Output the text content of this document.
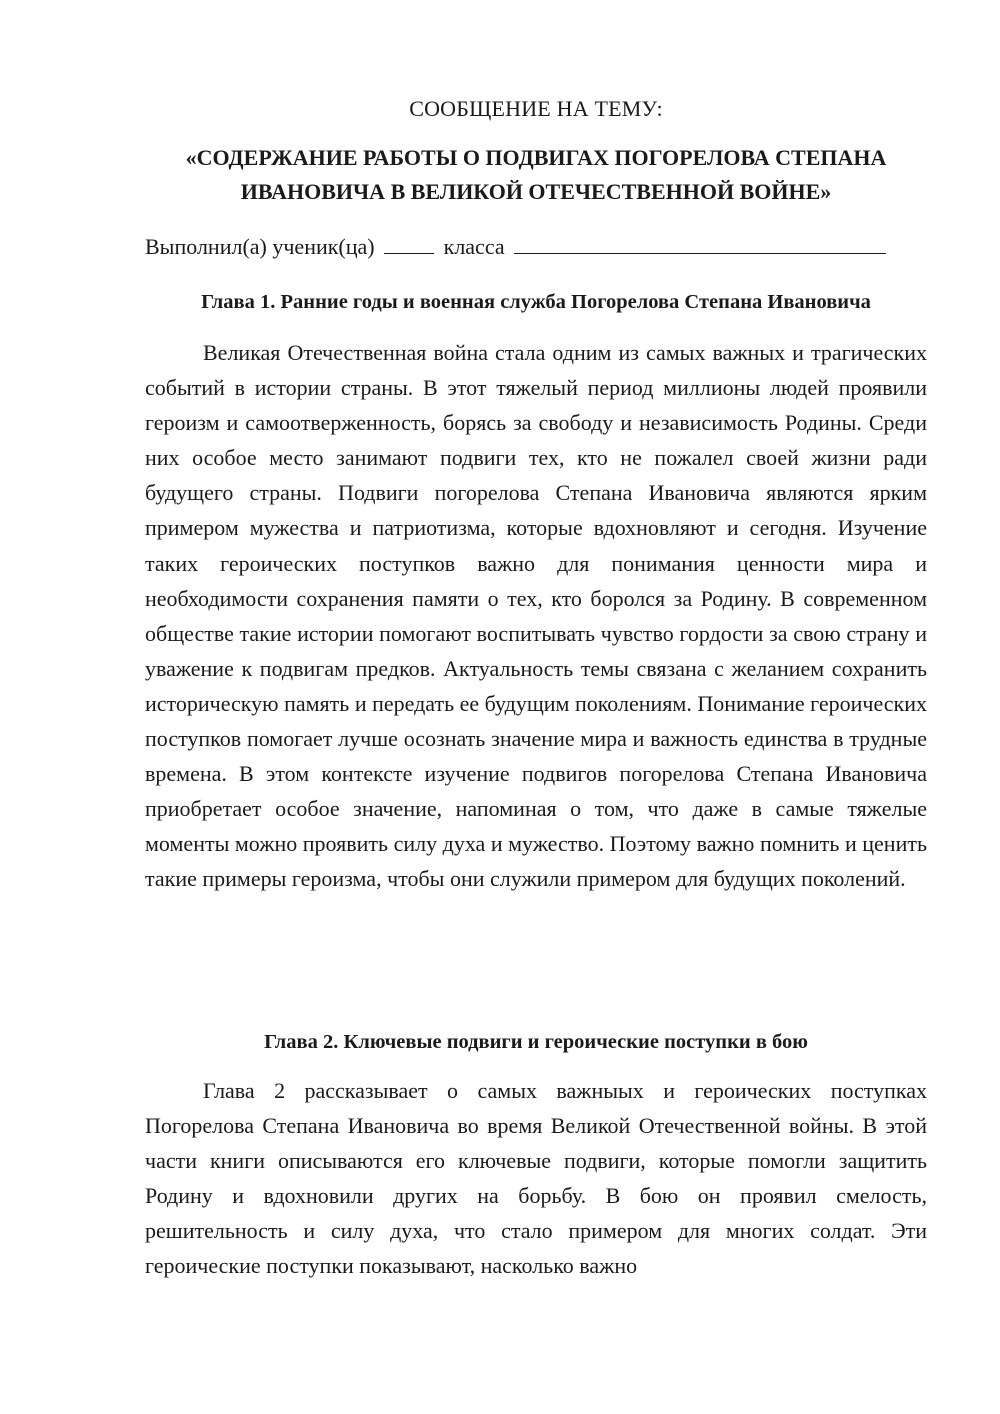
СООБЩЕНИЕ НА ТЕМУ:

«СОДЕРЖАНИЕ РАБОТЫ О ПОДВИГАХ ПОГОРЕЛОВА СТЕПАНА
ИВАНОВИЧА В ВЕЛИКОЙ ОТЕЧЕСТВЕННОЙ ВОЙНЕ»
Выполнил(а) ученик(ца)	класса
Глава 1. Ранние годы и военная служба Погорелова Степана Ивановича

Великая Отечественная война стала одним из самых важных и трагических событий в истории страны. В этот тяжелый период миллионы людей проявили героизм и самоотверженность, борясь за свободу и независимость Родины. Среди них особое место занимают подвиги тех, кто не пожалел своей жизни ради будущего страны. Подвиги погорелова Степана Ивановича являются ярким примером мужества и патриотизма, которые вдохновляют и сегодня. Изучение таких героических поступков важно для понимания ценности мира и необходимости сохранения памяти о тех, кто боролся за Родину. В современном обществе такие истории помогают воспитывать чувство гордости за свою страну и уважение к подвигам предков. Актуальность темы связана с желанием сохранить историческую память и передать ее будущим поколениям. Понимание героических поступков помогает лучше осознать значение мира и важность единства в трудные времена. В этом контексте изучение подвигов погорелова Степана Ивановича приобретает особое значение, напоминая о том, что даже в самые тяжелые моменты можно проявить силу духа и мужество. Поэтому важно помнить и ценить такие примеры героизма, чтобы они служили примером для будущих поколений.

Глава 2. Ключевые подвиги и героические поступки в бою

Глава 2 рассказывает о самых важныых и героических поступках Погорелова Степана Ивановича во время Великой Отечественной войны. В этой части книги описываются его ключевые подвиги, которые помогли защитить Родину и вдохновили других на борьбу. В бою он проявил смелость, решительность и силу духа, что стало примером для многих солдат. Эти героические поступки показывают, насколько важно
